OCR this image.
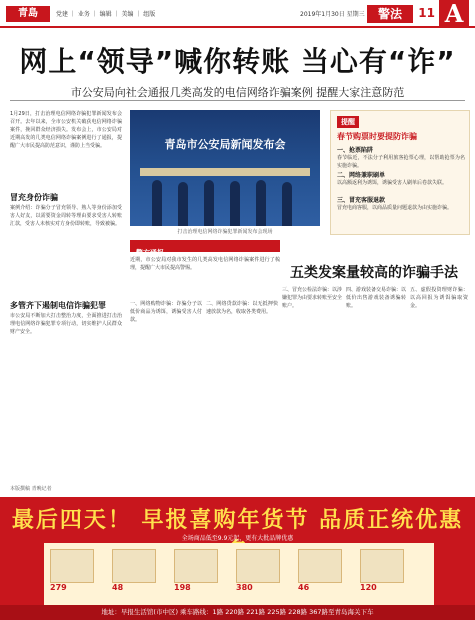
青島	党建 ｜ 业务 ｜ 编辑 ｜ 美编 ｜ 组版	2019年1月30日 星期三	警法	11 A
网上“领导”喊你转账 当心有“诈”
市公安局向社会通报几类高发的电信网络诈骗案例 提醒大家注意防范
1月29日，打击治理电信网络诈骗犯罪新闻发布会召开。去年以来，全市公安机关破获电信网络诈骗案件，挽回群众经济损失。发布会上，市公安局对近期高发的几类电信网络诈骗案例进行了通报，提醒广大市民提高防范意识，谨防上当受骗。
冒充身份诈骗
案例介绍：诈骗分子冒充领导、熟人等身份添加受害人好友，以需要资金周转等理由要求受害人转账汇款，受害人未核实对方身份即转账，导致被骗。
多管齐下遏制电信诈骗犯罪
市公安局不断加大打击整治力度，全面推进打击治理电信网络诈骗犯罪专项行动，切实维护人民群众财产安全。
本版撰稿 青晚记者
青岛市公安局新闻发布会
打击治理电信网络诈骗犯罪新闻发布会现场
提醒
春节购票时要提防诈骗
一、抢票陷阱
春节临近，不法分子利用旅客抢票心理，以帮助抢票为名实施诈骗。
二、网络兼职刷单
以高额返利为诱饵，诱骗受害人刷单后卷款失联。
三、冒充客服退款
冒充电商客服，以商品质量问题退款为由实施诈骗。
警方通报
近期，市公安局对我市发生的几类高发电信网络诈骗案件进行了梳理，提醒广大市民提高警惕。	五类发案量较高的诈骗手法
一、网络购物诈骗：诈骗分子以低价商品为诱饵，诱骗受害人付款。
二、网络贷款诈骗：以无抵押快速放款为名，收取各类费用。
三、冒充公检法诈骗：以涉嫌犯罪为由要求转账至安全账户。
四、游戏装备交易诈骗：以低价出售游戏装备诱骗转账。
五、虚假投资理财诈骗：以高回报为诱饵骗取资金。
最后四天！ 早报喜购年货节 品质正统优惠
全场商品低至9.9元起，更有大批品牌优惠
279	48	198	380	46	120
地址：早报生活馆(市中区) 乘车路线：1路 220路 221路 225路 228路 367路至青岛海关下车
